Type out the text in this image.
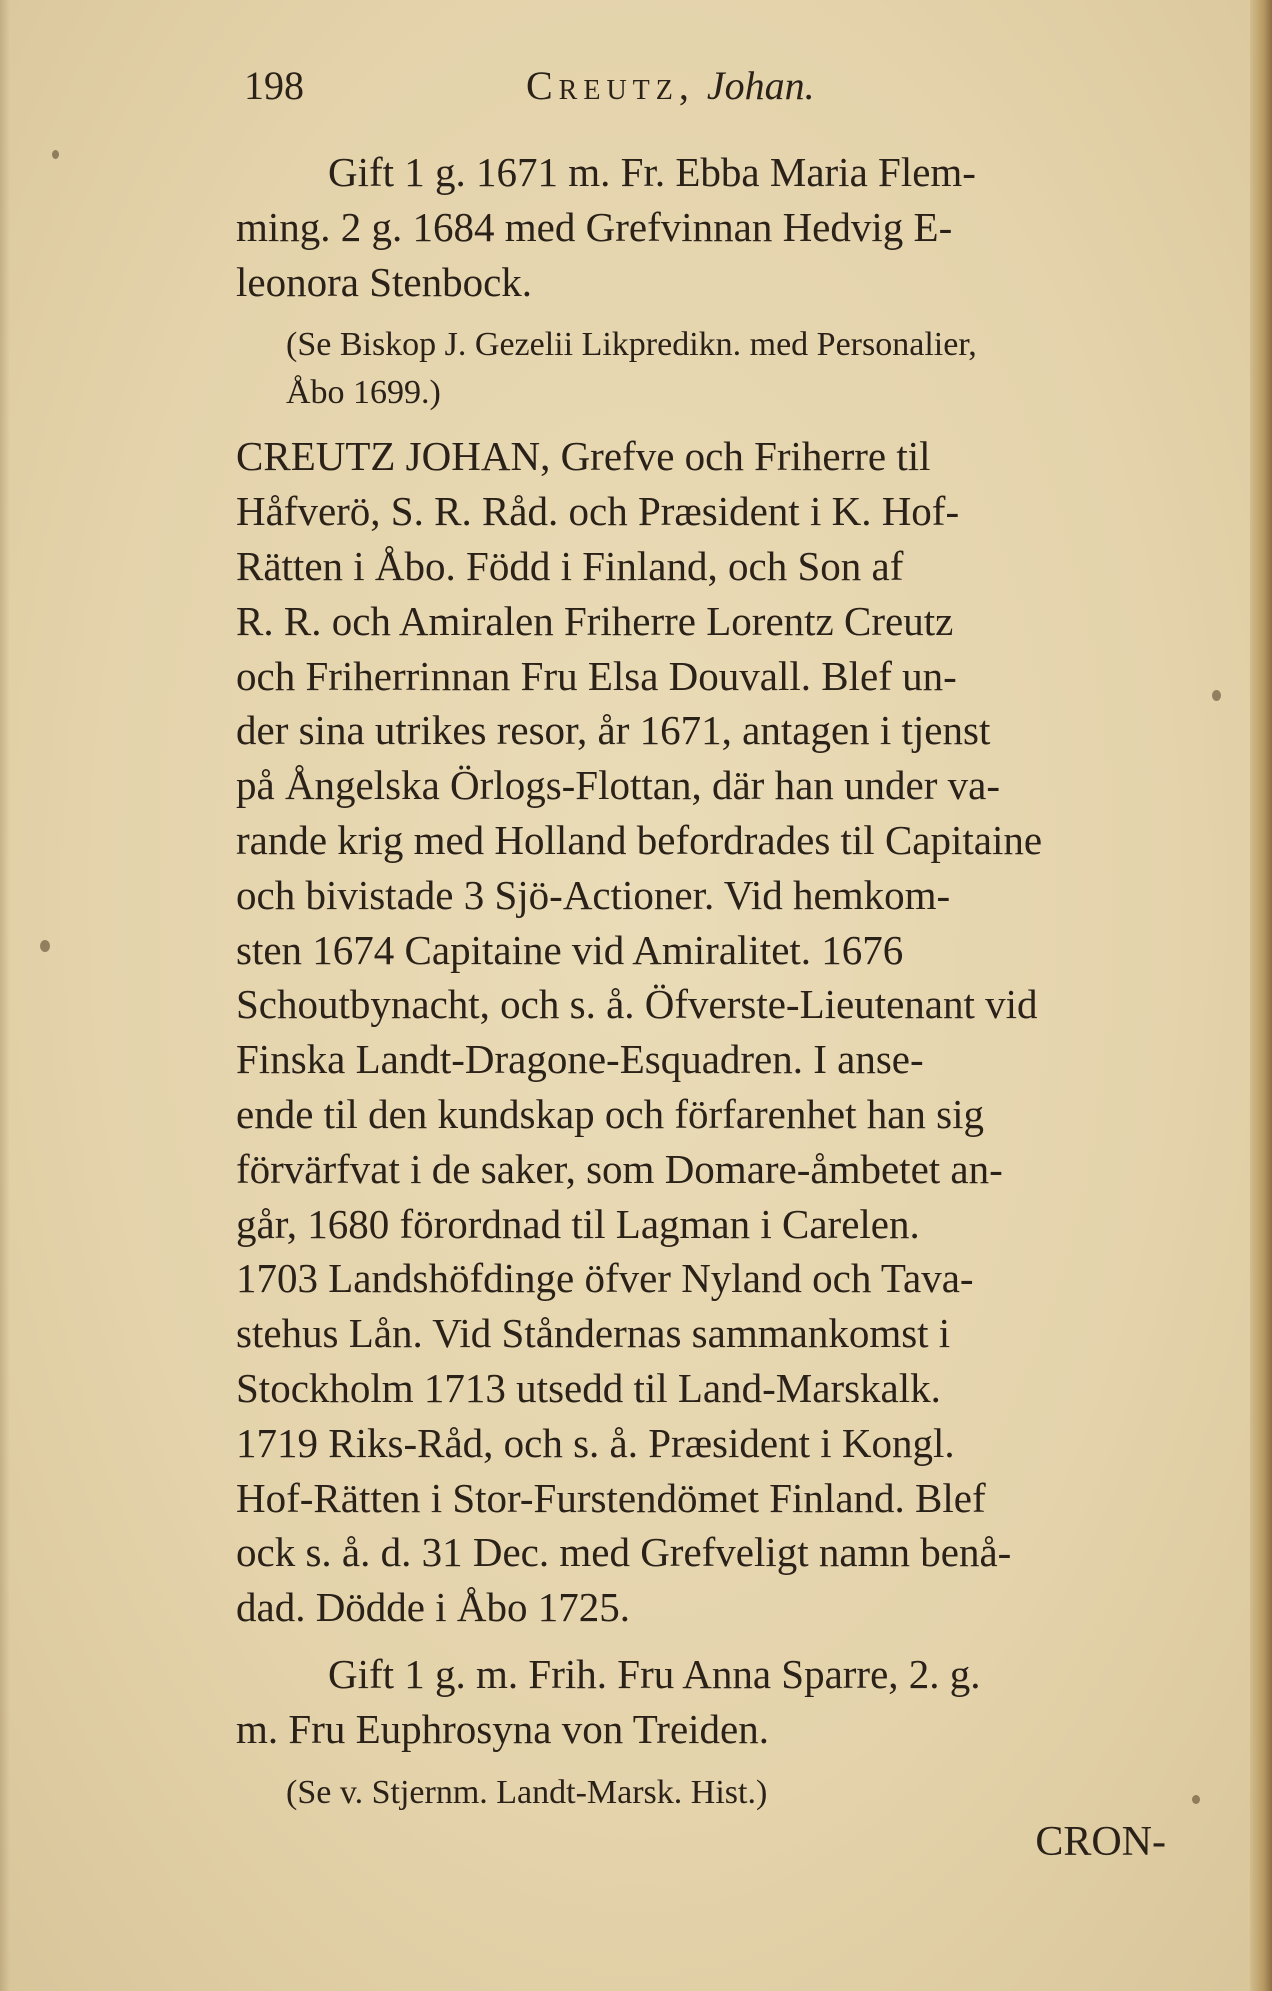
198	Creutz, Johan.
Gift 1 g. 1671 m. Fr. Ebba Maria Flem-
ming. 2 g. 1684 med Grefvinnan Hedvig E-
leonora Stenbock.
(Se Biskop J. Gezelii Likpredikn. med Personalier,
Åbo 1699.)
CREUTZ JOHAN, Grefve och Friherre til
Håfverö, S. R. Råd. och Præsident i K. Hof-
Rätten i Åbo. Född i Finland, och Son af
R. R. och Amiralen Friherre Lorentz Creutz
och Friherrinnan Fru Elsa Douvall. Blef un-
der sina utrikes resor, år 1671, antagen i tjenst
på Ångelska Örlogs-Flottan, där han under va-
rande krig med Holland befordrades til Capitaine
och bivistade 3 Sjö-Actioner. Vid hemkom-
sten 1674 Capitaine vid Amiralitet. 1676
Schoutbynacht, och s. å. Öfverste-Lieutenant vid
Finska Landt-Dragone-Esquadren. I anse-
ende til den kundskap och förfarenhet han sig
förvärfvat i de saker, som Domare-åmbetet an-
går, 1680 förordnad til Lagman i Carelen.
1703 Landshöfdinge öfver Nyland och Tava-
stehus Lån. Vid Ståndernas sammankomst i
Stockholm 1713 utsedd til Land-Marskalk.
1719 Riks-Råd, och s. å. Præsident i Kongl.
Hof-Rätten i Stor-Furstendömet Finland. Blef
ock s. å. d. 31 Dec. med Grefveligt namn benå-
dad. Dödde i Åbo 1725.
Gift 1 g. m. Frih. Fru Anna Sparre, 2. g.
m. Fru Euphrosyna von Treiden.
(Se v. Stjernm. Landt-Marsk. Hist.)
CRON-
